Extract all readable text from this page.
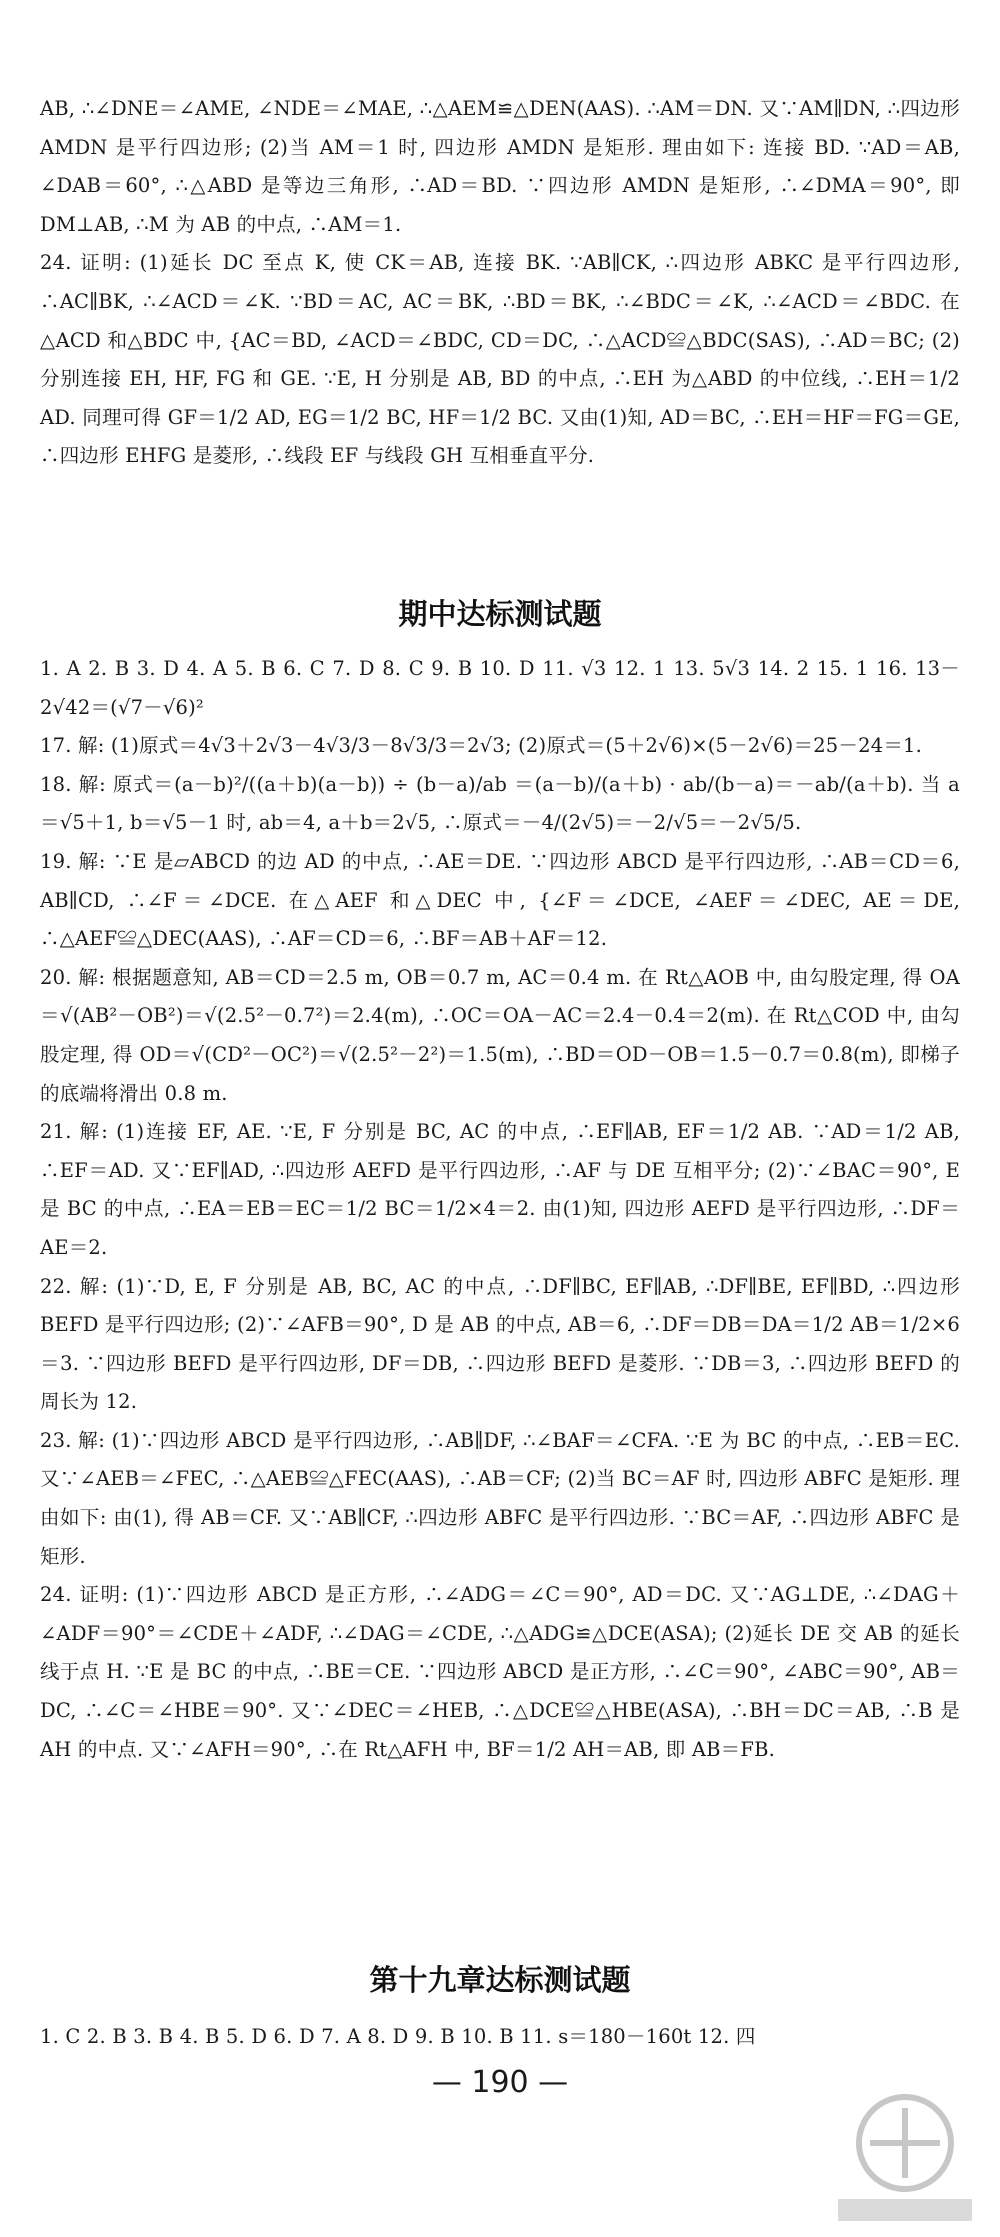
AB, ∴∠DNE＝∠AME, ∠NDE＝∠MAE, ∴△AEM≌△DEN(AAS). ∴AM＝DN. 又∵AM∥DN, ∴四边形 AMDN 是平行四边形; (2)当 AM＝1 时, 四边形 AMDN 是矩形. 理由如下: 连接 BD. ∵AD＝AB, ∠DAB＝60°, ∴△ABD 是等边三角形, ∴AD＝BD. ∵四边形 AMDN 是矩形, ∴∠DMA＝90°, 即 DM⊥AB, ∴M 为 AB 的中点, ∴AM＝1.

24. 证明: (1)延长 DC 至点 K, 使 CK＝AB, 连接 BK. ∵AB∥CK, ∴四边形 ABKC 是平行四边形, ∴AC∥BK, ∴∠ACD＝∠K. ∵BD＝AC, AC＝BK, ∴BD＝BK, ∴∠BDC＝∠K, ∴∠ACD＝∠BDC. 在△ACD 和△BDC 中, {AC＝BD, ∠ACD＝∠BDC, CD＝DC, ∴△ACD≌△BDC(SAS), ∴AD＝BC; (2)分别连接 EH, HF, FG 和 GE. ∵E, H 分别是 AB, BD 的中点, ∴EH 为△ABD 的中位线, ∴EH＝1/2 AD. 同理可得 GF＝1/2 AD, EG＝1/2 BC, HF＝1/2 BC. 又由(1)知, AD＝BC, ∴EH＝HF＝FG＝GE, ∴四边形 EHFG 是菱形, ∴线段 EF 与线段 GH 互相垂直平分.

期中达标测试题

1. A 2. B 3. D 4. A 5. B 6. C 7. D 8. C 9. B 10. D 11. √3 12. 1 13. 5√3 14. 2 15. 1 16. 13－2√42＝(√7－√6)²

17. 解: (1)原式＝4√3＋2√3－4√3/3－8√3/3＝2√3; (2)原式＝(5＋2√6)×(5－2√6)＝25－24＝1.

18. 解: 原式＝(a－b)²/((a＋b)(a－b)) ÷ (b－a)/ab ＝(a－b)/(a＋b) · ab/(b－a)＝－ab/(a＋b). 当 a＝√5＋1, b＝√5－1 时, ab＝4, a＋b＝2√5, ∴原式＝－4/(2√5)＝－2/√5＝－2√5/5.

19. 解: ∵E 是▱ABCD 的边 AD 的中点, ∴AE＝DE. ∵四边形 ABCD 是平行四边形, ∴AB＝CD＝6, AB∥CD, ∴∠F＝∠DCE. 在△AEF 和△DEC 中, {∠F＝∠DCE, ∠AEF＝∠DEC, AE＝DE, ∴△AEF≌△DEC(AAS), ∴AF＝CD＝6, ∴BF＝AB＋AF＝12.

20. 解: 根据题意知, AB＝CD＝2.5 m, OB＝0.7 m, AC＝0.4 m. 在 Rt△AOB 中, 由勾股定理, 得 OA＝√(AB²－OB²)＝√(2.5²－0.7²)＝2.4(m), ∴OC＝OA－AC＝2.4－0.4＝2(m). 在 Rt△COD 中, 由勾股定理, 得 OD＝√(CD²－OC²)＝√(2.5²－2²)＝1.5(m), ∴BD＝OD－OB＝1.5－0.7＝0.8(m), 即梯子的底端将滑出 0.8 m.

21. 解: (1)连接 EF, AE. ∵E, F 分别是 BC, AC 的中点, ∴EF∥AB, EF＝1/2 AB. ∵AD＝1/2 AB, ∴EF＝AD. 又∵EF∥AD, ∴四边形 AEFD 是平行四边形, ∴AF 与 DE 互相平分; (2)∵∠BAC＝90°, E 是 BC 的中点, ∴EA＝EB＝EC＝1/2 BC＝1/2×4＝2. 由(1)知, 四边形 AEFD 是平行四边形, ∴DF＝AE＝2.

22. 解: (1)∵D, E, F 分别是 AB, BC, AC 的中点, ∴DF∥BC, EF∥AB, ∴DF∥BE, EF∥BD, ∴四边形 BEFD 是平行四边形; (2)∵∠AFB＝90°, D 是 AB 的中点, AB＝6, ∴DF＝DB＝DA＝1/2 AB＝1/2×6＝3. ∵四边形 BEFD 是平行四边形, DF＝DB, ∴四边形 BEFD 是菱形. ∵DB＝3, ∴四边形 BEFD 的周长为 12.

23. 解: (1)∵四边形 ABCD 是平行四边形, ∴AB∥DF, ∴∠BAF＝∠CFA. ∵E 为 BC 的中点, ∴EB＝EC. 又∵∠AEB＝∠FEC, ∴△AEB≌△FEC(AAS), ∴AB＝CF; (2)当 BC＝AF 时, 四边形 ABFC 是矩形. 理由如下: 由(1), 得 AB＝CF. 又∵AB∥CF, ∴四边形 ABFC 是平行四边形. ∵BC＝AF, ∴四边形 ABFC 是矩形.

24. 证明: (1)∵四边形 ABCD 是正方形, ∴∠ADG＝∠C＝90°, AD＝DC. 又∵AG⊥DE, ∴∠DAG＋∠ADF＝90°＝∠CDE＋∠ADF, ∴∠DAG＝∠CDE, ∴△ADG≌△DCE(ASA); (2)延长 DE 交 AB 的延长线于点 H. ∵E 是 BC 的中点, ∴BE＝CE. ∵四边形 ABCD 是正方形, ∴∠C＝90°, ∠ABC＝90°, AB＝DC, ∴∠C＝∠HBE＝90°. 又∵∠DEC＝∠HEB, ∴△DCE≌△HBE(ASA), ∴BH＝DC＝AB, ∴B 是 AH 的中点. 又∵∠AFH＝90°, ∴在 Rt△AFH 中, BF＝1/2 AH＝AB, 即 AB＝FB.

第十九章达标测试题

1. C 2. B 3. B 4. B 5. D 6. D 7. A 8. D 9. B 10. B 11. s＝180－160t 12. 四

— 190 —
